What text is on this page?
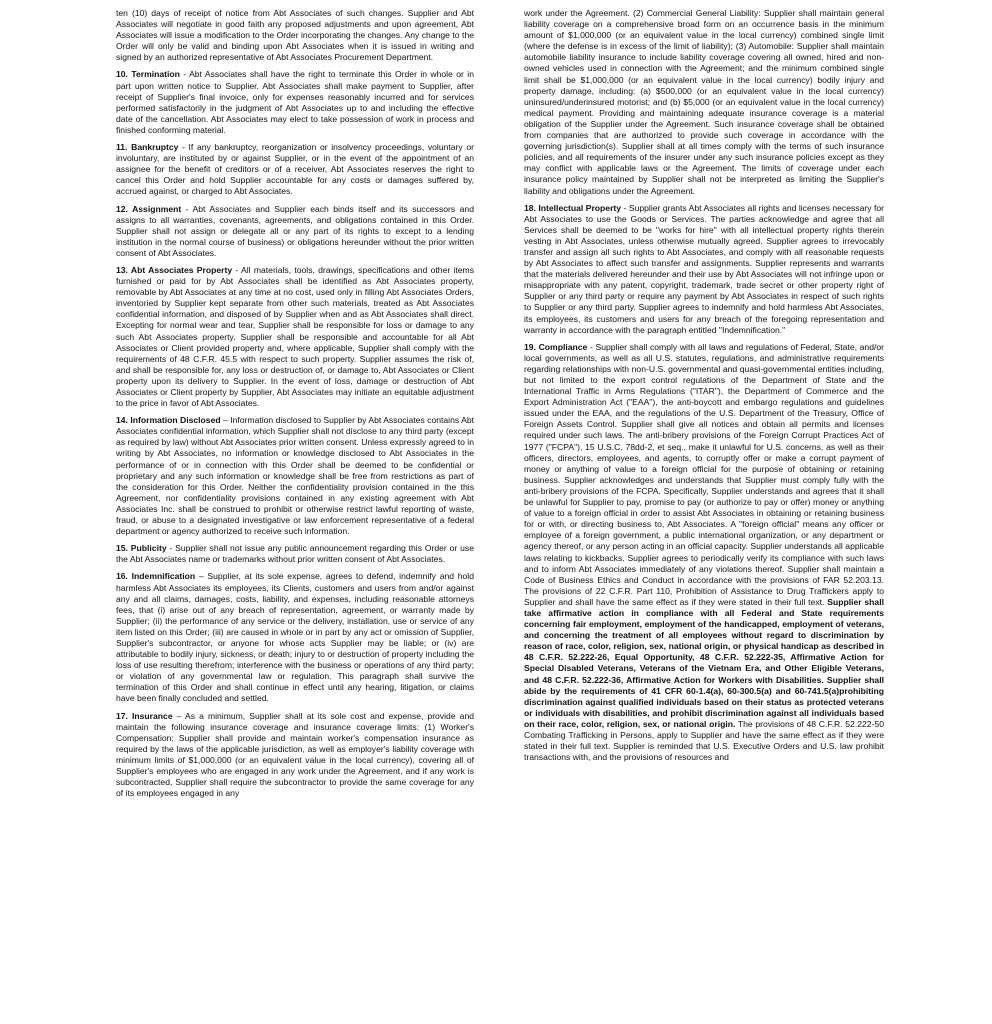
ten (10) days of receipt of notice from Abt Associates of such changes. Supplier and Abt Associates will negotiate in good faith any proposed adjustments and upon agreement, Abt Associates will issue a modification to the Order incorporating the changes. Any change to the Order will only be valid and binding upon Abt Associates when it is issued in writing and signed by an authorized representative of Abt Associates Procurement Department.

10. Termination - Abt Associates shall have the right to terminate this Order in whole or in part upon written notice to Supplier. Abt Associates shall make payment to Supplier, after receipt of Supplier's final invoice, only for expenses reasonably incurred and for services performed satisfactorily in the judgment of Abt Associates up to and including the effective date of the cancellation. Abt Associates may elect to take possession of work in process and finished conforming material.

11. Bankruptcy - If any bankruptcy, reorganization or insolvency proceedings, voluntary or involuntary, are instituted by or against Supplier, or in the event of the appointment of an assignee for the benefit of creditors or of a receiver, Abt Associates reserves the right to cancel this Order and hold Supplier accountable for any costs or damages suffered by, accrued against, or charged to Abt Associates.

12. Assignment - Abt Associates and Supplier each binds itself and its successors and assigns to all warranties, covenants, agreements, and obligations contained in this Order. Supplier shall not assign or delegate all or any part of its rights to except to a lending institution in the normal course of business) or obligations hereunder without the prior written consent of Abt Associates.

13. Abt Associates Property - All materials, tools, drawings, specifications and other items furnished or paid for by Abt Associates shall be identified as Abt Associates property, removable by Abt Associates at any time at no cost, used only in filling Abt Associates Orders, inventoried by Supplier kept separate from other such materials, treated as Abt Associates confidential information, and disposed of by Supplier when and as Abt Associates shall direct. Excepting for normal wear and tear, Supplier shall be responsible for loss or damage to any such Abt Associates property. Supplier shall be responsible and accountable for all Abt Associates or Client provided property and, where applicable, Supplier shall comply with the requirements of 48 C.F.R. 45.5 with respect to such property. Supplier assumes the risk of, and shall be responsible for, any loss or destruction of, or damage to, Abt Associates or Client property upon its delivery to Supplier. In the event of loss, damage or destruction of Abt Associates or Client property by Supplier, Abt Associates may initiate an equitable adjustment to the price in favor of Abt Associates.

14. Information Disclosed – Information disclosed to Supplier by Abt Associates contains Abt Associates confidential information, which Supplier shall not disclose to any third party (except as required by law) without Abt Associates prior written consent. Unless expressly agreed to in writing by Abt Associates, no information or knowledge disclosed to Abt Associates in the performance of or in connection with this Order shall be deemed to be confidential or proprietary and any such information or knowledge shall be free from restrictions as part of the consideration for this Order. Neither the confidentiality provision contained in the this Agreement, nor confidentiality provisions contained in any existing agreement with Abt Associates Inc. shall be construed to prohibit or otherwise restrict lawful reporting of waste, fraud, or abuse to a designated investigative or law enforcement representative of a federal department or agency authorized to receive such information.

15. Publicity - Supplier shall not issue any public announcement regarding this Order or use the Abt Associates name or trademarks without prior written consent of Abt Associates.

16. Indemnification – Supplier, at its sole expense, agrees to defend, indemnify and hold harmless Abt Associates its employees, its Clients, customers and users from and/or against any and all claims, damages, costs, liability, and expenses, including reasonable attorneys fees, that (i) arise out of any breach of representation, agreement, or warranty made by Supplier; (ii) the performance of any service or the delivery, installation, use or service of any item listed on this Order; (iii) are caused in whole or in part by any act or omission of Supplier, Supplier's subcontractor, or anyone for whose acts Supplier may be liable; or (iv) are attributable to bodily injury, sickness, or death; injury to or destruction of property including the loss of use resulting therefrom; interference with the business or operations of any third party; or violation of any governmental law or regulation. This paragraph shall survive the termination of this Order and shall continue in effect until any hearing, litigation, or claims have been finally concluded and settled.

17. Insurance – As a minimum, Supplier shall at its sole cost and expense, provide and maintain the following insurance coverage and insurance coverage limits: (1) Worker's Compensation: Supplier shall provide and maintain worker's compensation insurance as required by the laws of the applicable jurisdiction, as well as employer's liability coverage with minimum limits of $1,000,000 (or an equivalent value in the local currency), covering all of Supplier's employees who are engaged in any work under the Agreement, and if any work is subcontracted, Supplier shall require the subcontractor to provide the same coverage for any of its employees engaged in any

work under the Agreement. (2) Commercial General Liability: Supplier shall maintain general liability coverage on a comprehensive broad form on an occurrence basis in the minimum amount of $1,000,000 (or an equivalent value in the local currency) combined single limit (where the defense is in excess of the limit of liability); (3) Automobile: Supplier shall maintain automobile liability insurance to include liability coverage covering all owned, hired and non-owned vehicles used in connection with the Agreement; and the minimum combined single limit shall be $1,000,000 (or an equivalent value in the local currency) bodily injury and property damage, including: (a) $500,000 (or an equivalent value in the local currency) uninsured/underinsured motorist; and (b) $5,000 (or an equivalent value in the local currency) medical payment. Providing and maintaining adequate insurance coverage is a material obligation of the Supplier under the Agreement. Such insurance coverage shall be obtained from companies that are authorized to provide such coverage in accordance with the governing jurisdiction(s). Supplier shall at all times comply with the terms of such insurance policies, and all requirements of the insurer under any such insurance policies except as they may conflict with applicable laws or the Agreement. The limits of coverage under each insurance policy maintained by Supplier shall not be interpreted as limiting the Supplier's liability and obligations under the Agreement.

18. Intellectual Property - Supplier grants Abt Associates all rights and licenses necessary for Abt Associates to use the Goods or Services. The parties acknowledge and agree that all Services shall be deemed to be "works for hire" with all intellectual property rights therein vesting in Abt Associates, unless otherwise mutually agreed. Supplier agrees to irrevocably transfer and assign all such rights to Abt Associates, and comply with all reasonable requests by Abt Associates to affect such transfer and assignments. Supplier represents and warrants that the materials delivered hereunder and their use by Abt Associates will not infringe upon or misappropriate with any patent, copyright, trademark, trade secret or other property right of Supplier or any third party or require any payment by Abt Associates in respect of such rights to Supplier or any third party. Supplier agrees to indemnify and hold harmless Abt Associates, its employees, its customers and users for any breach of the foregoing representation and warranty in accordance with the paragraph entitled "Indemnification."

19. Compliance - Supplier shall comply with all laws and regulations of Federal, State, and/or local governments, as well as all U.S. statutes, regulations, and administrative requirements regarding relationships with non-U.S. governmental and quasi-governmental entities including, but not limited to the export control regulations of the Department of State and the International Traffic in Arms Regulations ("ITAR"), the Department of Commerce and the Export Administration Act ("EAA"), the anti-boycott and embargo regulations and guidelines issued under the EAA, and the regulations of the U.S. Department of the Treasury, Office of Foreign Assets Control. Supplier shall give all notices and obtain all permits and licenses required under such laws. The anti-bribery provisions of the Foreign Corrupt Practices Act of 1977 ("FCPA"), 15 U.S.C. 78dd-2, et seq., make it unlawful for U.S. concerns, as well as their officers, directors, employees, and agents, to corruptly offer or make a corrupt payment of money or anything of value to a foreign official for the purpose of obtaining or retaining business. Supplier acknowledges and understands that Supplier must comply fully with the anti-bribery provisions of the FCPA. Specifically, Supplier understands and agrees that it shall be unlawful for Supplier to pay, promise to pay (or authorize to pay or offer) money or anything of value to a foreign official in order to assist Abt Associates in obtaining or retaining business for or with, or directing business to, Abt Associates. A "foreign official" means any officer or employee of a foreign government, a public international organization, or any department or agency thereof, or any person acting in an official capacity. Supplier understands all applicable laws relating to kickbacks. Supplier agrees to periodically verify its compliance with such laws and to inform Abt Associates immediately of any violations thereof. Supplier shall maintain a Code of Business Ethics and Conduct in accordance with the provisions of FAR 52.203.13. The provisions of 22 C.F.R. Part 110, Prohibition of Assistance to Drug Traffickers apply to Supplier and shall have the same effect as if they were stated in their full text. Supplier shall take affirmative action in compliance with all Federal and State requirements concerning fair employment, employment of the handicapped, employment of veterans, and concerning the treatment of all employees without regard to discrimination by reason of race, color, religion, sex, national origin, or physical handicap as described in 48 C.F.R. 52.222-26, Equal Opportunity, 48 C.F.R. 52.222-35, Affirmative Action for Special Disabled Veterans, Veterans of the Vietnam Era, and Other Eligible Veterans, and 48 C.F.R. 52.222-36, Affirmative Action for Workers with Disabilities. Supplier shall abide by the requirements of 41 CFR 60-1.4(a), 60-300.5(a) and 60-741.5(a)prohibiting discrimination against qualified individuals based on their status as protected veterans or individuals with disabilities, and prohibit discrimination against all individuals based on their race, color, religion, sex, or national origin. The provisions of 48 C.F.R. 52.222-50 Combating Trafficking in Persons, apply to Supplier and have the same effect as if they were stated in their full text. Supplier is reminded that U.S. Executive Orders and U.S. law prohibit transactions with, and the provisions of resources and
